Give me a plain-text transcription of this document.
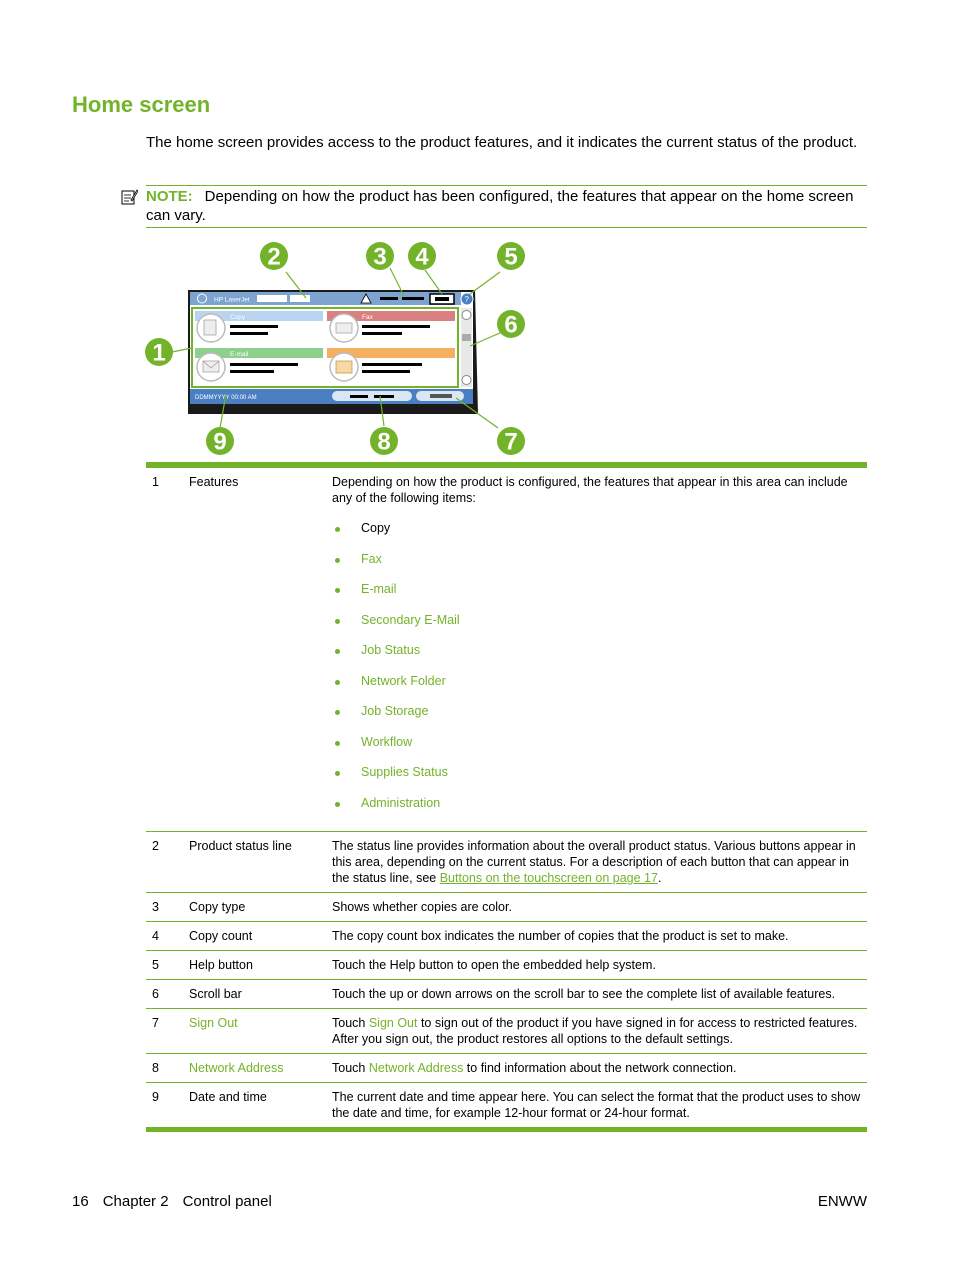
Home screen

The home screen provides access to the product features, and it indicates the current status of the product.

NOTE: Depending on how the product has been configured, the features that appear on the home screen can vary.
HP LaserJet	?
Copy	Fax
E-mail
DDMMYYYY 00:00 AM
1
2	3 4	5
6
7
8
9
1	Features	Depending on how the product is configured, the features that appear in this area can include any of the following items:
Copy
Fax
E-mail
Secondary E-Mail
Job Status
Network Folder
Job Storage
Workflow
Supplies Status
Administration
2	Product status line	The status line provides information about the overall product status. Various buttons appear in this area, depending on the current status. For a description of each button that can appear in the status line, see Buttons on the touchscreen on page 17.
3	Copy type	Shows whether copies are color.
4	Copy count	The copy count box indicates the number of copies that the product is set to make.
5	Help button	Touch the Help button to open the embedded help system.
6	Scroll bar	Touch the up or down arrows on the scroll bar to see the complete list of available features.
7	Sign Out	Touch Sign Out to sign out of the product if you have signed in for access to restricted features. After you sign out, the product restores all options to the default settings.
8	Network Address	Touch Network Address to find information about the network connection.
9	Date and time	The current date and time appear here. You can select the format that the product uses to show the date and time, for example 12-hour format or 24-hour format.
16 Chapter 2 Control panel	ENWW
